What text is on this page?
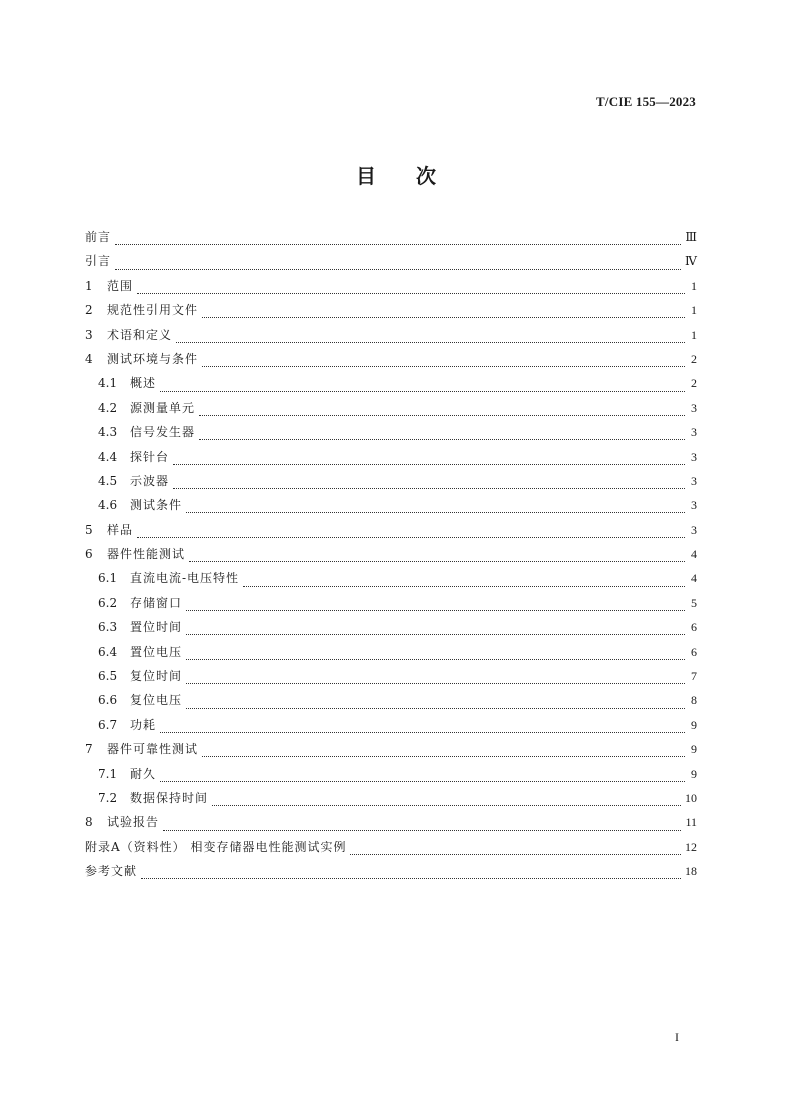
T/CIE 155—2023
目次
前言	Ⅲ
引言	Ⅳ
1	范围	1
2	规范性引用文件	1
3	术语和定义	1
4	测试环境与条件	2
4.1	概述	2
4.2	源测量单元	3
4.3	信号发生器	3
4.4	探针台	3
4.5	示波器	3
4.6	测试条件	3
5	样品	3
6	器件性能测试	4
6.1	直流电流-电压特性	4
6.2	存储窗口	5
6.3	置位时间	6
6.4	置位电压	6
6.5	复位时间	7
6.6	复位电压	8
6.7	功耗	9
7	器件可靠性测试	9
7.1	耐久	9
7.2	数据保持时间	10
8	试验报告	11
附录A（资料性） 相变存储器电性能测试实例	12
参考文献	18
I
